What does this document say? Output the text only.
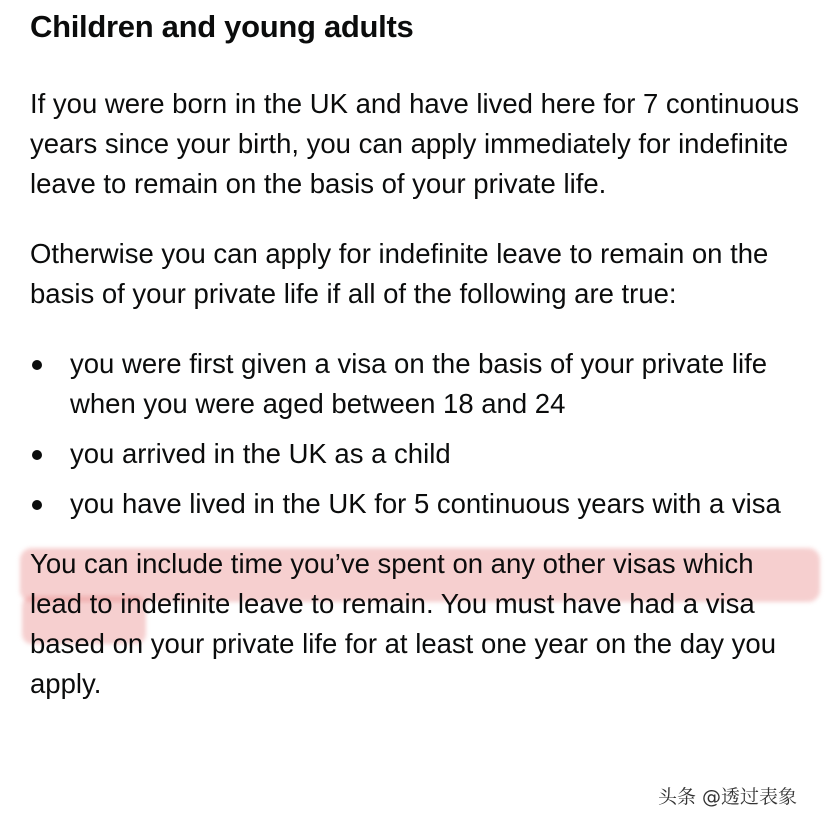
Children and young adults

If you were born in the UK and have lived here for 7 continuous years since your birth, you can apply immediately for indefinite leave to remain on the basis of your private life.

Otherwise you can apply for indefinite leave to remain on the basis of your private life if all of the following are true:

you were first given a visa on the basis of your private life when you were aged between 18 and 24
you arrived in the UK as a child
you have lived in the UK for 5 continuous years with a visa

You can include time you’ve spent on any other visas which lead to indefinite leave to remain. You must have had a visa based on your private life for at least one year on the day you apply.

头条 @透过表象
